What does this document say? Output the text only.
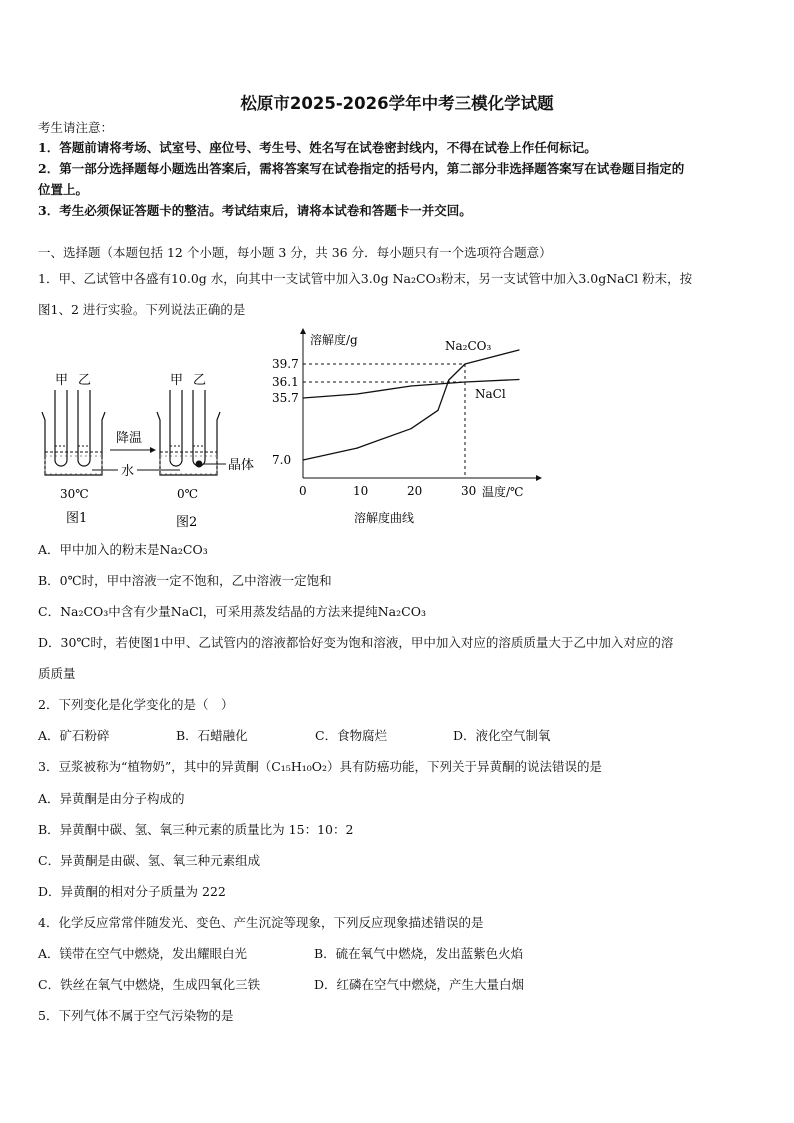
松原市2025-2026学年中考三模化学试题
考生请注意：
1．答题前请将考场、试室号、座位号、考生号、姓名写在试卷密封线内，不得在试卷上作任何标记。
2．第一部分选择题每小题选出答案后，需将答案写在试卷指定的括号内，第二部分非选择题答案写在试卷题目指定的
位置上。
3．考生必须保证答题卡的整洁。考试结束后，请将本试卷和答题卡一并交回。
一、选择题（本题包括 12 个小题，每小题 3 分，共 36 分．每小题只有一个选项符合题意）
1．甲、乙试管中各盛有10.0g 水，向其中一支试管中加入3.0g Na₂CO₃粉末，另一支试管中加入3.0gNaCl 粉末，按
图1、2 进行实验。下列说法正确的是
甲 乙	甲 乙
降温
水	晶体
30℃	0℃
图1	图2
溶解度/g
温度/℃
溶解度曲线
0	10	20	30
7.0
35.7
36.1
39.7
Na₂CO₃
NaCl
A．甲中加入的粉末是Na₂CO₃
B．0℃时，甲中溶液一定不饱和，乙中溶液一定饱和
C．Na₂CO₃中含有少量NaCl，可采用蒸发结晶的方法来提纯Na₂CO₃
D．30℃时，若使图1中甲、乙试管内的溶液都恰好变为饱和溶液，甲中加入对应的溶质质量大于乙中加入对应的溶
质质量
2．下列变化是化学变化的是（　）
A．矿石粉碎	B．石蜡融化	C．食物腐烂	D．液化空气制氧
3．豆浆被称为“植物奶”，其中的异黄酮（C₁₅H₁₀O₂）具有防癌功能，下列关于异黄酮的说法错误的是
A．异黄酮是由分子构成的
B．异黄酮中碳、氢、氧三种元素的质量比为 15：10：2
C．异黄酮是由碳、氢、氧三种元素组成
D．异黄酮的相对分子质量为 222
4．化学反应常常伴随发光、变色、产生沉淀等现象，下列反应现象描述错误的是
A．镁带在空气中燃烧，发出耀眼白光	B．硫在氧气中燃烧，发出蓝紫色火焰
C．铁丝在氧气中燃烧，生成四氧化三铁	D．红磷在空气中燃烧，产生大量白烟
5．下列气体不属于空气污染物的是
